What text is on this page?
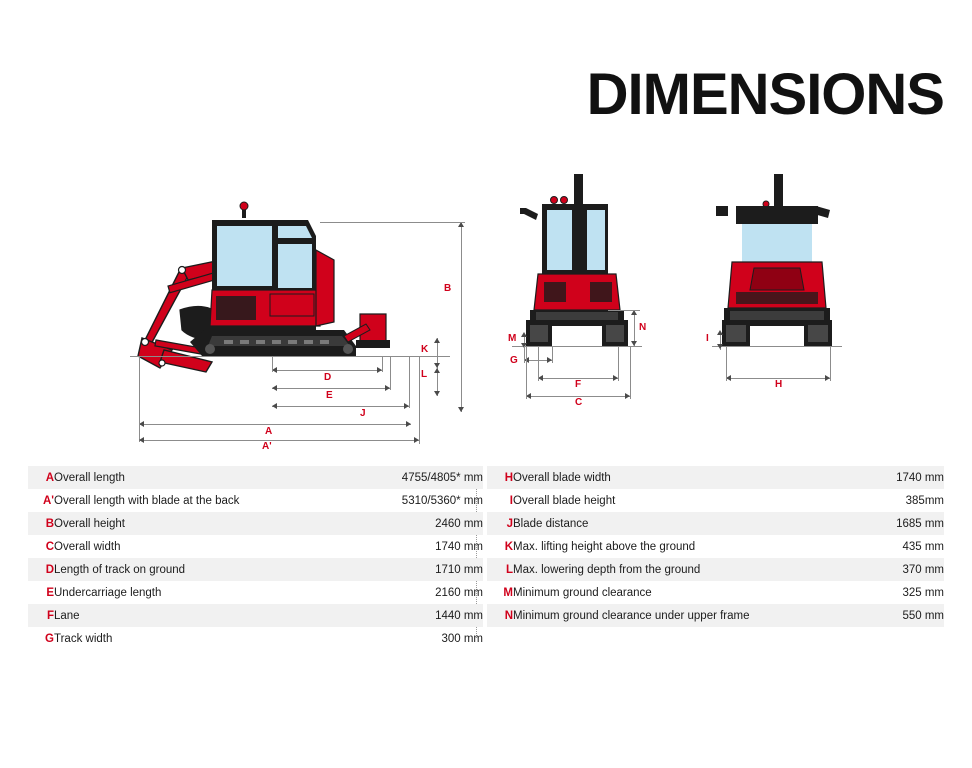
DIMENSIONS
B
K
L
D
E
J
A
A'
M
N
G
F
C
I
H
A	Overall length	4755/4805* mm
A'	Overall length with blade at the back	5310/5360* mm
B	Overall height	2460 mm
C	Overall width	1740 mm
D	Length of track on ground	1710 mm
E	Undercarriage length	2160 mm
F	Lane	1440 mm
G	Track width	300 mm
H	Overall blade width	1740 mm
I	Overall blade height	385mm
J	Blade distance	1685 mm
K	Max. lifting height above the ground	435 mm
L	Max. lowering depth from the ground	370 mm
M	Minimum ground clearance	325 mm
N	Minimum ground clearance under upper frame	550 mm
